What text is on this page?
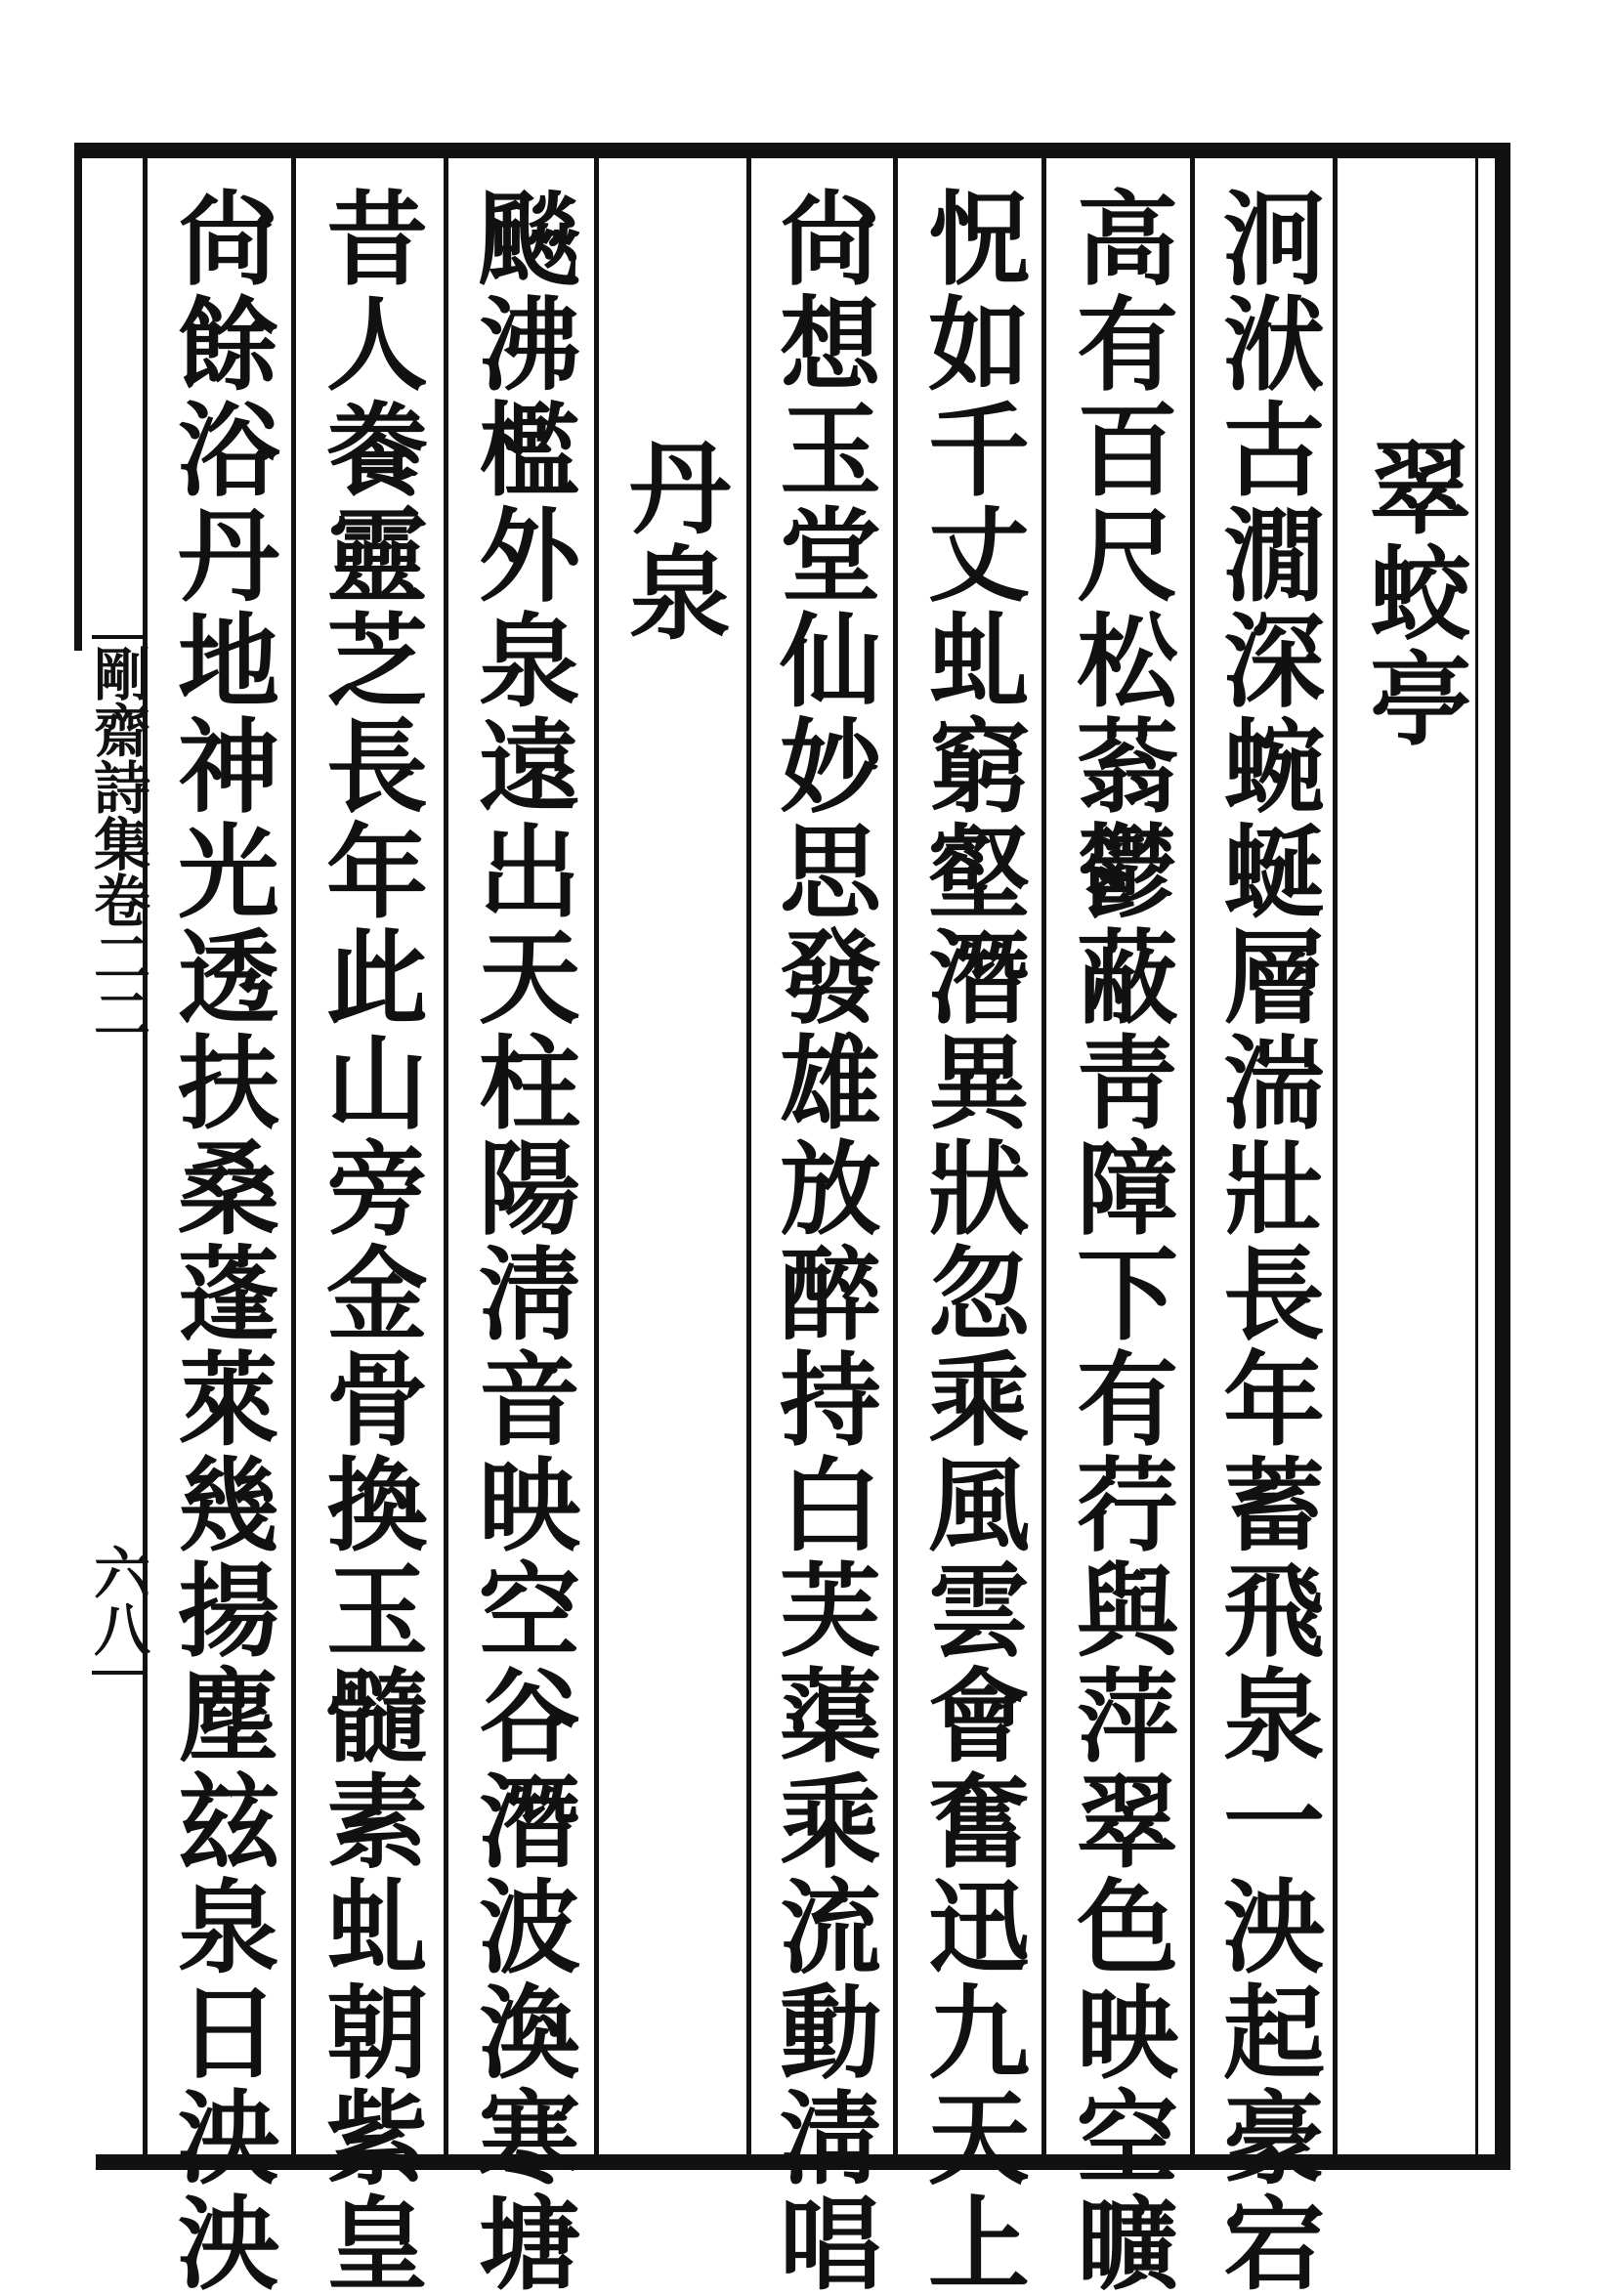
翠蛟亭
泂洑古㵎深蜿蜒層湍壯長年蓄飛泉一泱起豪宕
高有百尺松蓊鬱蔽靑障下有荇與萍翠色映空曠
怳如千丈虬窮壑潛異狀忽乘風雲會奮迅九天上
尙想玉堂仙妙思發雄放醉持白芙蕖乘流動淸唱
丹泉
飈沸檻外泉遠出天柱陽淸音映空谷潛波渙寒塘
昔人餋靈芝長年此山旁金骨換玉髓素虬朝紫皇
尙餘浴丹地神光透扶桑蓬萊幾揚塵玆泉日泱泱
剛齋詩集卷二二
六八
